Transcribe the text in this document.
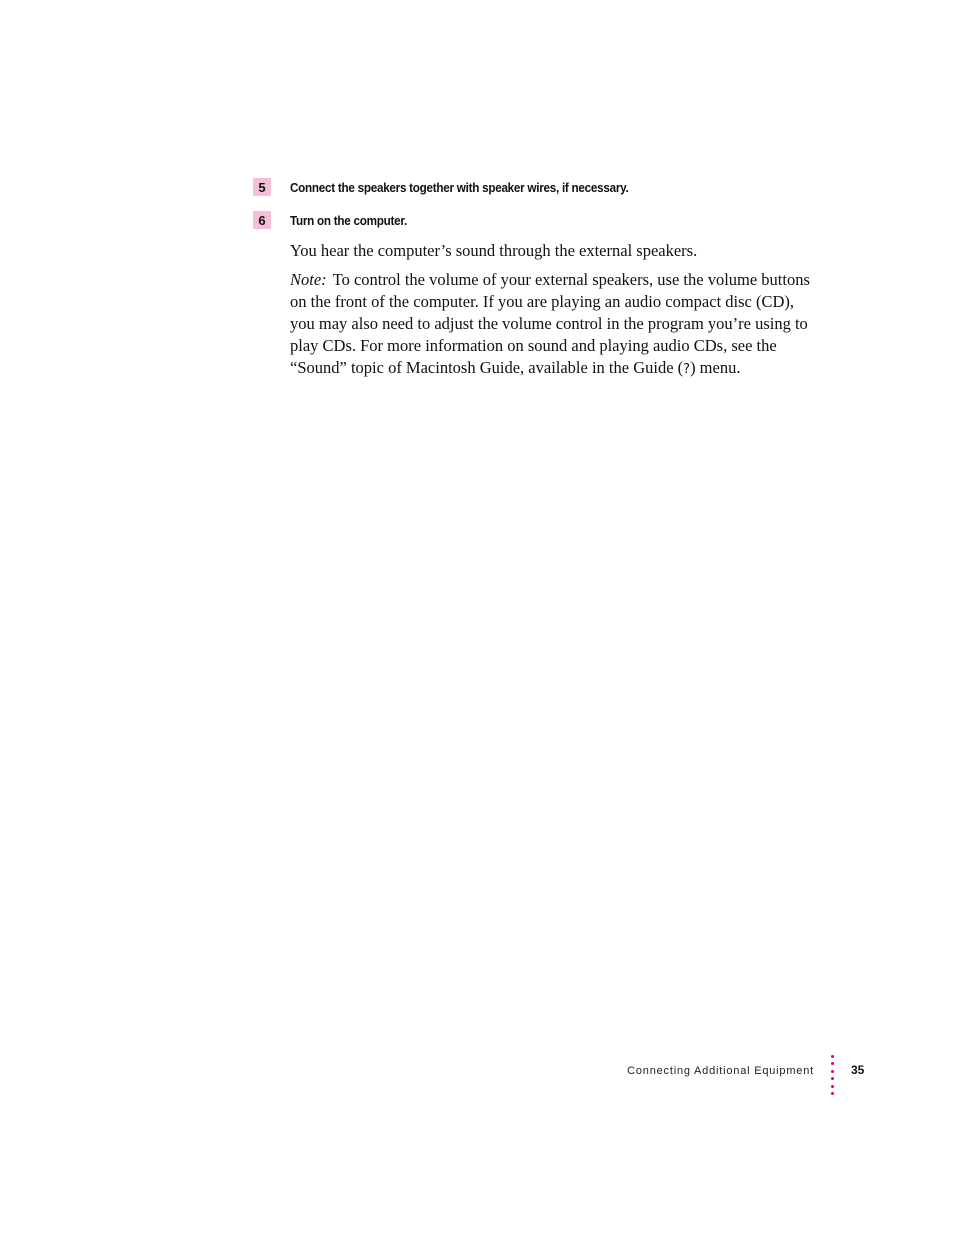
5	Connect the speakers together with speaker wires, if necessary.
6	Turn on the computer.

You hear the computer’s sound through the external speakers.

Note: To control the volume of your external speakers, use the volume buttons on the front of the computer. If you are playing an audio compact disc (CD), you may also need to adjust the volume control in the program you’re using to play CDs. For more information on sound and playing audio CDs, see the “Sound” topic of Macintosh Guide, available in the Guide (?) menu.

Connecting Additional Equipment	35
